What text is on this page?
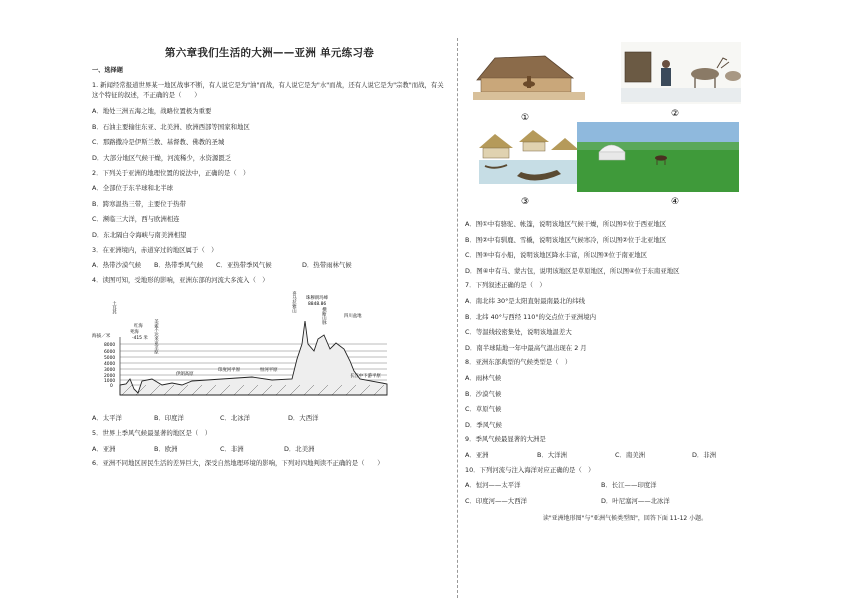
第六章我们生活的大洲——亚洲 单元练习卷
一、选择题

1. 新闻经常报道世界某一地区战事不断，有人说它是为"油"而战，有人说它是为"水"而战，还有人说它是为"宗教"而战，有关这个特征的叙述，不正确的是（　　）

A．地处三洲五海之地，战略位置极为重要

B．石油主要输往东亚、北美洲、欧洲西部等国家和地区

C．那路撒冷是伊斯兰教、基督教、佛教的圣城

D．大部分地区气候干燥，河流稀少，水资源匮乏

2．下列关于亚洲的地理位置的说法中，正确的是（　）

A．全部位于东半球和北半球

B．跨寒温热三带，主要位于热带

C．濒临三大洋，西与欧洲相连

D．东北隔白令海峡与南美洲相望

3．在亚洲境内，赤道穿过的地区属于（　）

A．热带沙漠气候	B．热带季风气候	C．亚热带季风气候	D．热带雨林气候

4．读图可知，受地形的影响，亚洲东部的河流大多流入（　）

海拔／米
8000
6000
5000
4000
3000
2000
1000
0
土耳其
红海
死海
-415 米 美索不达米亚平原
伊朗高原
印度河平原	恒河平原
喜马拉雅山 珠穆朗玛峰
8848.86
横断山脉	四川盆地
长江中下游平原
A．太平洋	B．印度洋	C．北冰洋	D．大西洋

5．世界上季风气候最显著的地区是（　）

A．亚洲	B．欧洲	C．非洲	D．北美洲

6．亚洲不同地区居民生活的差异巨大，深受自然地理环境的影响，下列对四地判读不正确的是（　　）

①	②
③	④

A．图①中有骆驼、帐篷，说明该地区气候干燥，所以图①位于西亚地区

B．图②中有驯鹿、雪橇，说明该地区气候寒冷，所以图②位于北亚地区

C．图③中有小船，说明该地区降水丰富，所以图③位于南亚地区

D．图④中有马、蒙古包，说明该地区是草原地区，所以图④位于东南亚地区

7．下列叙述正确的是（　）

A．南北纬 30°是太阳直射最南最北的纬线

B．北纬 40°与西经 110°的交点位于亚洲境内

C．等温线较密集处，说明该地温差大

D．南半球陆地一年中最高气温出现在 2 月

8．亚洲东部典型的气候类型是（　）

A．雨林气候

B．沙漠气候

C．草原气候

D．季风气候

9．季风气候最显著的大洲是

A．亚洲	B．大洋洲	C．南美洲	D．非洲

10．下列河流与注入海洋对应正确的是（　）

A．恒河——太平洋	B．长江——印度洋
C．印度河——大西洋	D．叶尼塞河——北冰洋

读"亚洲地形图"与"亚洲气候类型图"，回答下面 11-12 小题。
